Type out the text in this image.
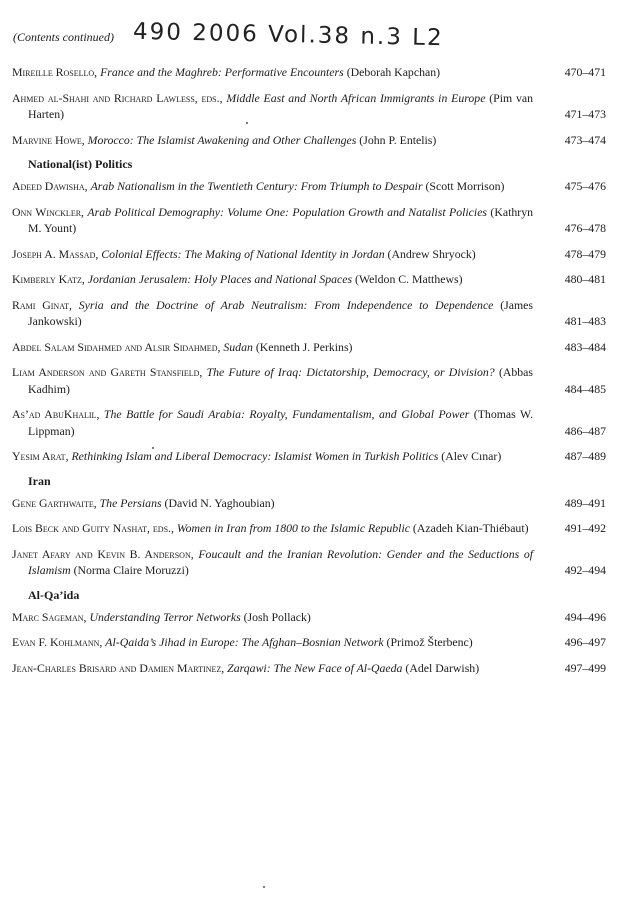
(Contents continued) 490 2006 Vol.38 n.3 L2
Mireille Rosello, France and the Maghreb: Performative Encounters (Deborah Kapchan)	470–471
Ahmed al-Shahi and Richard Lawless, eds., Middle East and North African Immigrants in Europe (Pim van Harten)	471–473
Marvine Howe, Morocco: The Islamist Awakening and Other Challenges (John P. Entelis)	473–474
National(ist) Politics
Adeed Dawisha, Arab Nationalism in the Twentieth Century: From Triumph to Despair (Scott Morrison)	475–476
Onn Winckler, Arab Political Demography: Volume One: Population Growth and Natalist Policies (Kathryn M. Yount)	476–478
Joseph A. Massad, Colonial Effects: The Making of National Identity in Jordan (Andrew Shryock)	478–479
Kimberly Katz, Jordanian Jerusalem: Holy Places and National Spaces (Weldon C. Matthews)	480–481
Rami Ginat, Syria and the Doctrine of Arab Neutralism: From Independence to Dependence (James Jankowski)	481–483
Abdel Salam Sidahmed and Alsir Sidahmed, Sudan (Kenneth J. Perkins)	483–484
Liam Anderson and Gareth Stansfield, The Future of Iraq: Dictatorship, Democracy, or Division? (Abbas Kadhim)	484–485
As’ad AbuKhalil, The Battle for Saudi Arabia: Royalty, Fundamentalism, and Global Power (Thomas W. Lippman)	486–487
Yesim Arat, Rethinking Islam and Liberal Democracy: Islamist Women in Turkish Politics (Alev Cınar)	487–489
Iran
Gene Garthwaite, The Persians (David N. Yaghoubian)	489–491
Lois Beck and Guity Nashat, eds., Women in Iran from 1800 to the Islamic Republic (Azadeh Kian-Thiébaut)	491–492
Janet Afary and Kevin B. Anderson, Foucault and the Iranian Revolution: Gender and the Seductions of Islamism (Norma Claire Moruzzi)	492–494
Al-Qa’ida
Marc Sageman, Understanding Terror Networks (Josh Pollack)	494–496
Evan F. Kohlmann, Al-Qaida’s Jihad in Europe: The Afghan–Bosnian Network (Primož Šterbenc)	496–497
Jean-Charles Brisard and Damien Martinez, Zarqawi: The New Face of Al-Qaeda (Adel Darwish)	497–499
